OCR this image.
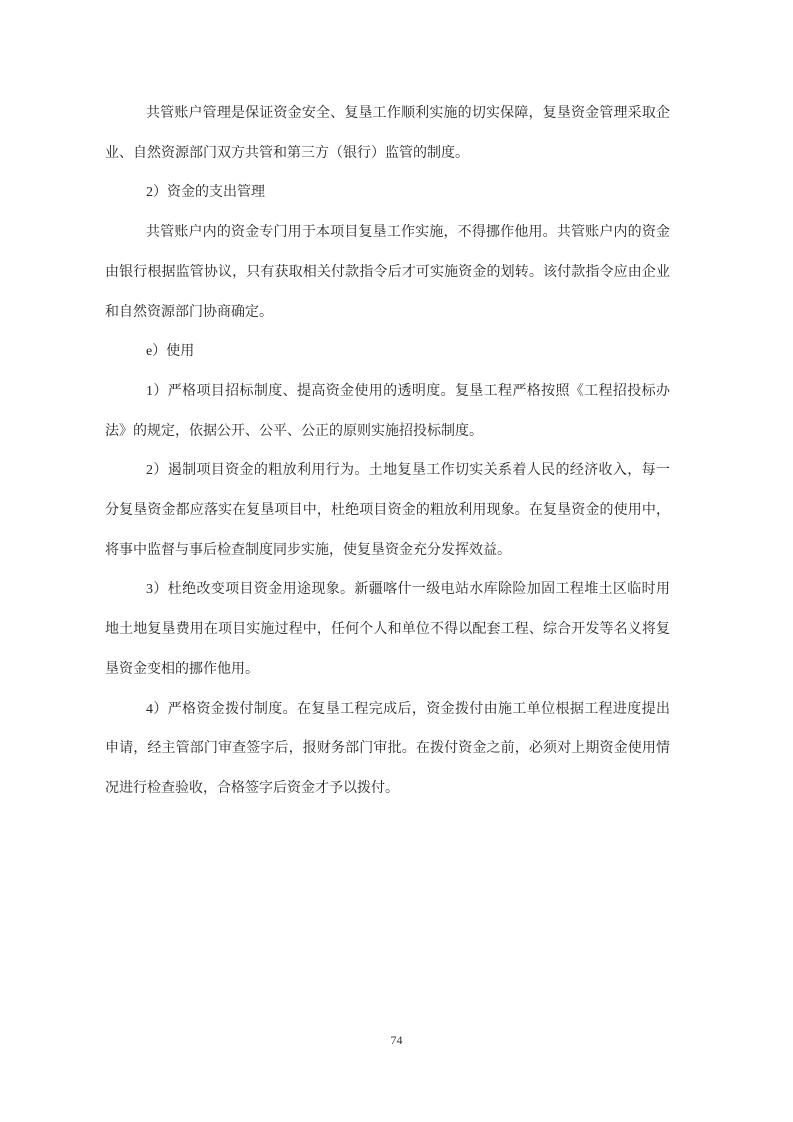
共管账户管理是保证资金安全、复垦工作顺利实施的切实保障，复垦资金管理采取企业、自然资源部门双方共管和第三方（银行）监管的制度。

2）资金的支出管理

共管账户内的资金专门用于本项目复垦工作实施，不得挪作他用。共管账户内的资金由银行根据监管协议，只有获取相关付款指令后才可实施资金的划转。该付款指令应由企业和自然资源部门协商确定。

e）使用

1）严格项目招标制度、提高资金使用的透明度。复垦工程严格按照《工程招投标办法》的规定，依据公开、公平、公正的原则实施招投标制度。

2）遏制项目资金的粗放利用行为。土地复垦工作切实关系着人民的经济收入，每一分复垦资金都应落实在复垦项目中，杜绝项目资金的粗放利用现象。在复垦资金的使用中，将事中监督与事后检查制度同步实施，使复垦资金充分发挥效益。

3）杜绝改变项目资金用途现象。新疆喀什一级电站水库除险加固工程堆土区临时用地土地复垦费用在项目实施过程中，任何个人和单位不得以配套工程、综合开发等名义将复垦资金变相的挪作他用。

4）严格资金拨付制度。在复垦工程完成后，资金拨付由施工单位根据工程进度提出申请，经主管部门审查签字后，报财务部门审批。在拨付资金之前，必须对上期资金使用情况进行检查验收，合格签字后资金才予以拨付。

74
